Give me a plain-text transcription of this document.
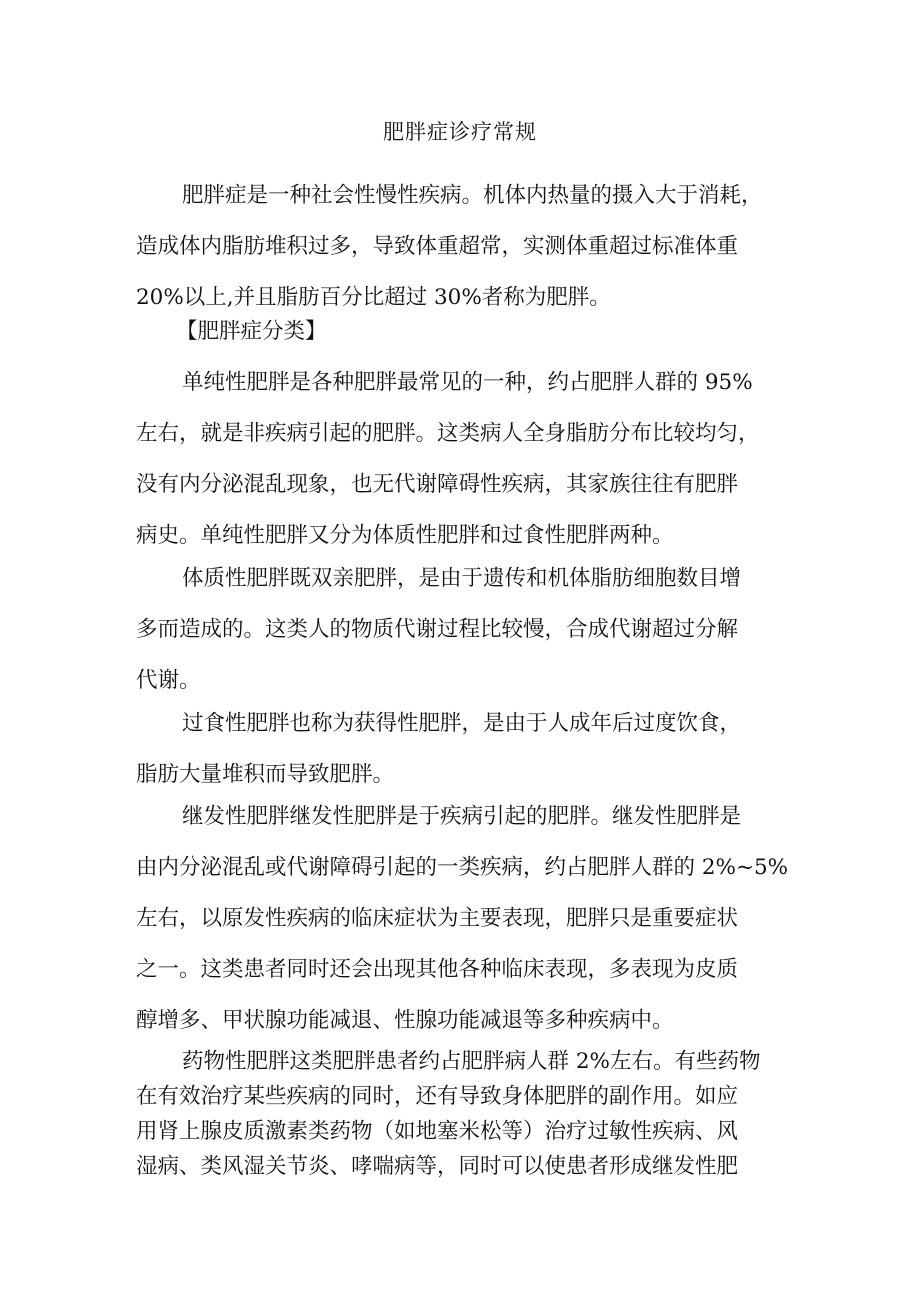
肥胖症诊疗常规

肥胖症是一种社会性慢性疾病。机体内热量的摄入大于消耗，
造成体内脂肪堆积过多，导致体重超常，实测体重超过标准体重
20%以上,并且脂肪百分比超过 30%者称为肥胖。

【肥胖症分类】

单纯性肥胖是各种肥胖最常见的一种，约占肥胖人群的 95%
左右，就是非疾病引起的肥胖。这类病人全身脂肪分布比较均匀，
没有内分泌混乱现象，也无代谢障碍性疾病，其家族往往有肥胖
病史。单纯性肥胖又分为体质性肥胖和过食性肥胖两种。

体质性肥胖既双亲肥胖，是由于遗传和机体脂肪细胞数目增
多而造成的。这类人的物质代谢过程比较慢，合成代谢超过分解
代谢。

过食性肥胖也称为获得性肥胖，是由于人成年后过度饮食，
脂肪大量堆积而导致肥胖。

继发性肥胖继发性肥胖是于疾病引起的肥胖。继发性肥胖是
由内分泌混乱或代谢障碍引起的一类疾病，约占肥胖人群的 2%~5%
左右，以原发性疾病的临床症状为主要表现，肥胖只是重要症状
之一。这类患者同时还会出现其他各种临床表现，多表现为皮质
醇增多、甲状腺功能减退、性腺功能减退等多种疾病中。

药物性肥胖这类肥胖患者约占肥胖病人群 2%左右。有些药物
在有效治疗某些疾病的同时，还有导致身体肥胖的副作用。如应
用肾上腺皮质激素类药物（如地塞米松等）治疗过敏性疾病、风
湿病、类风湿关节炎、哮喘病等，同时可以使患者形成继发性肥
